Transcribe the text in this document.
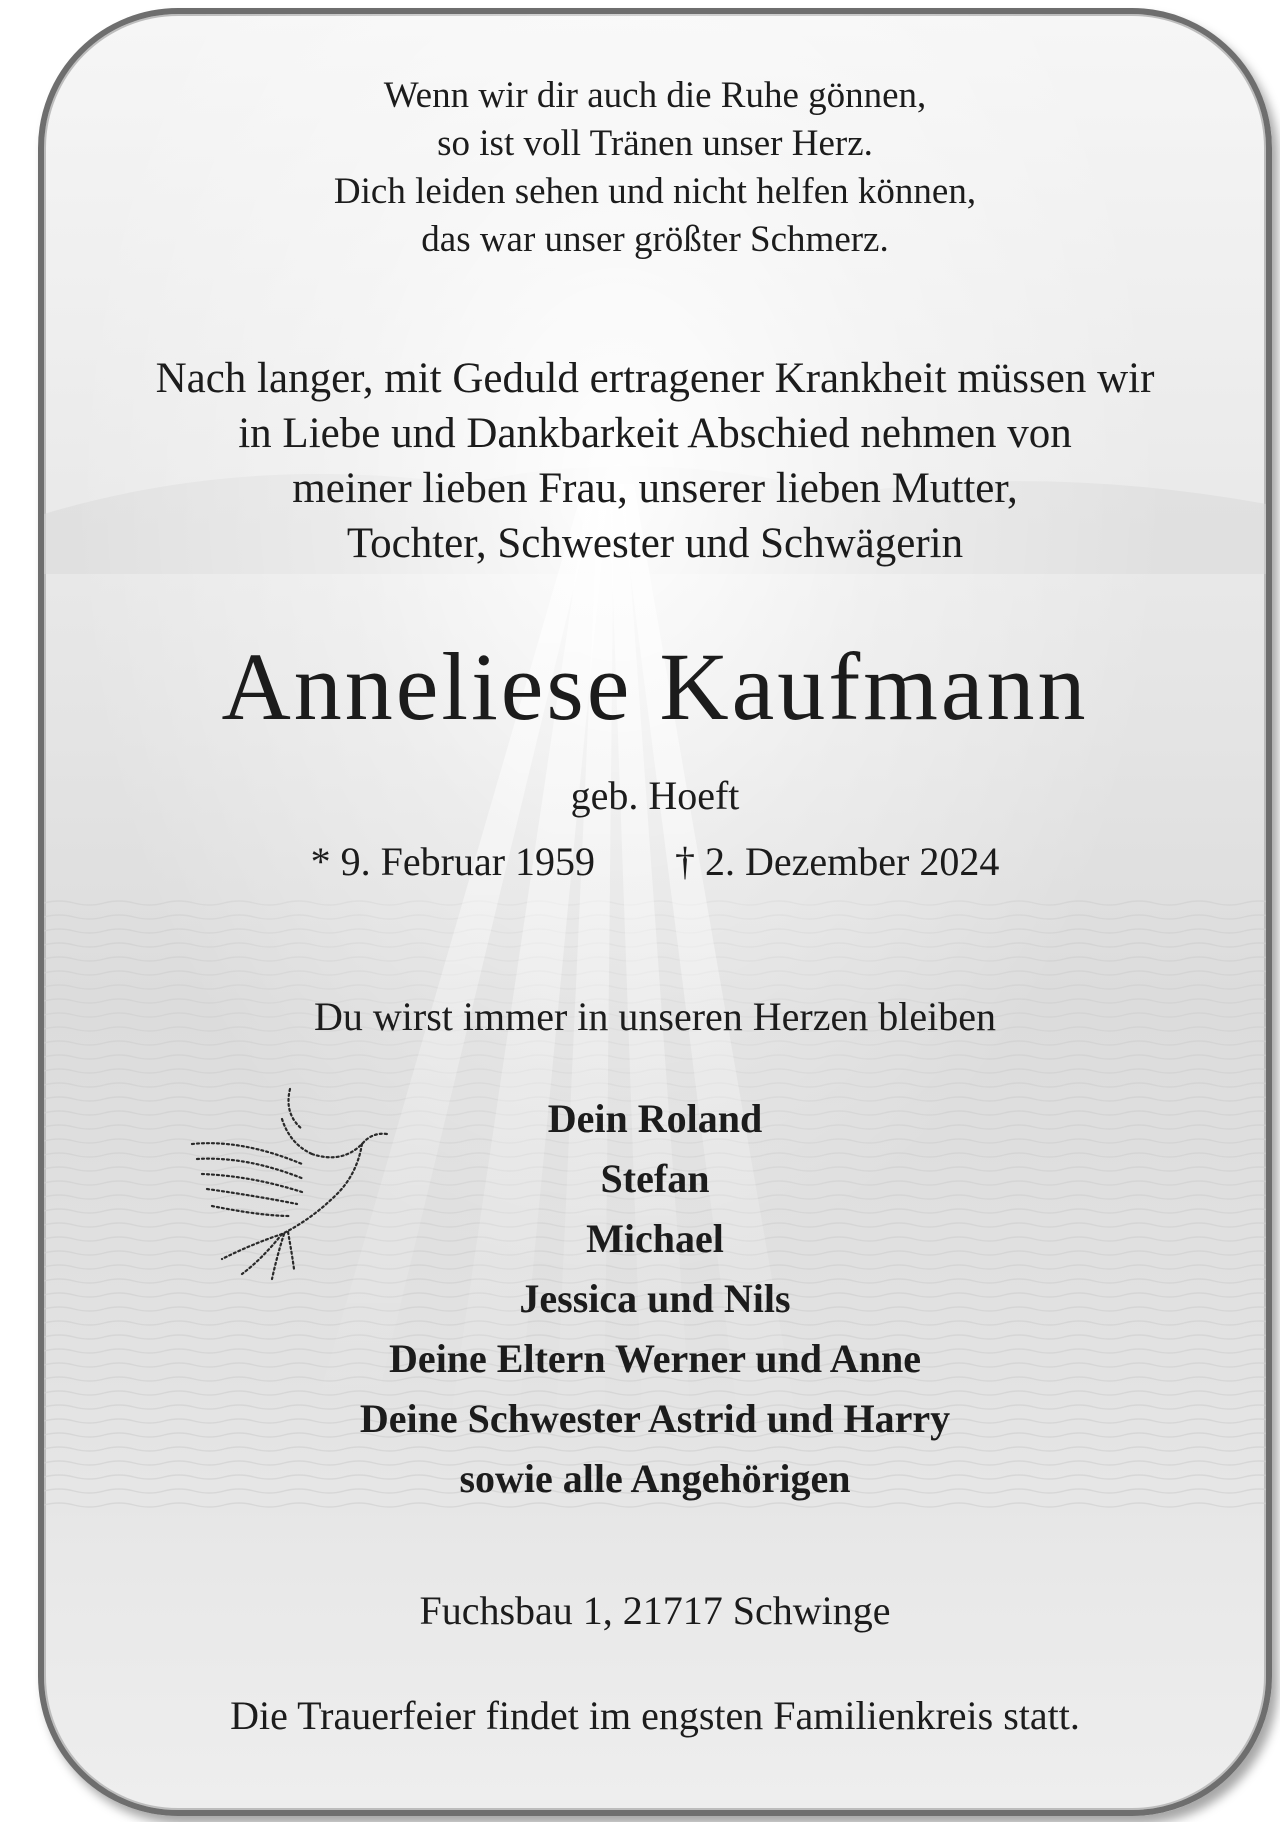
Wenn wir dir auch die Ruhe gönnen,
so ist voll Tränen unser Herz.
Dich leiden sehen und nicht helfen können,
das war unser größter Schmerz.
Nach langer, mit Geduld ertragener Krankheit müssen wir
in Liebe und Dankbarkeit Abschied nehmen von
meiner lieben Frau, unserer lieben Mutter,
Tochter, Schwester und Schwägerin
Anneliese Kaufmann
geb. Hoeft
* 9. Februar 1959 † 2. Dezember 2024
Du wirst immer in unseren Herzen bleiben
Dein Roland
Stefan
Michael
Jessica und Nils
Deine Eltern Werner und Anne
Deine Schwester Astrid und Harry
sowie alle Angehörigen
Fuchsbau 1, 21717 Schwinge
Die Trauerfeier findet im engsten Familienkreis statt.
